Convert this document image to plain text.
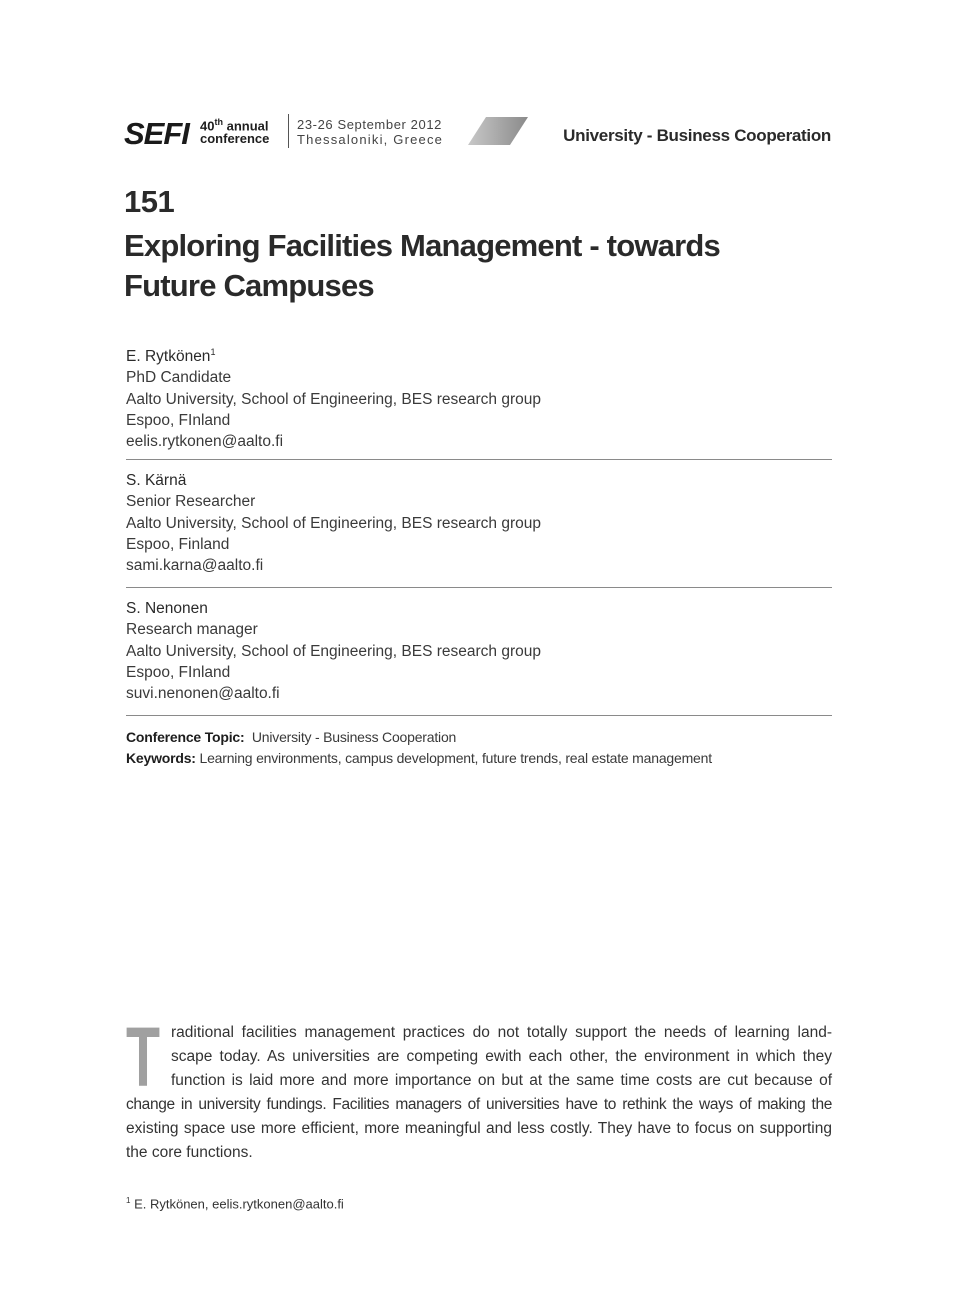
SEFI 40th annual
conference
23-26 September 2012
Thessaloniki, Greece	University - Business Cooperation
151
Exploring Facilities Management - towards
Future Campuses
E. Rytkönen$^1$
PhD Candidate
Aalto University, School of Engineering, BES research group
Espoo, FInland
eelis.rytkonen@aalto.fi
S. Kärnä
Senior Researcher
Aalto University, School of Engineering, BES research group
Espoo, Finland
sami.karna@aalto.fi
S. Nenonen
Research manager
Aalto University, School of Engineering, BES research group
Espoo, FInland
suvi.nenonen@aalto.fi
Conference Topic: University - Business Cooperation
Keywords: Learning environments, campus development, future trends, real estate management
T raditional facilities management practices do not totally support the needs of learning land-
scape today. As universities are competing ewith each other, the environment in which they
function is laid more and more importance on but at the same time costs are cut because of
change in university fundings. Facilities managers of universities have to rethink the ways of making the
existing space use more efficient, more meaningful and less costly. They have to focus on supporting
the core functions.
$^1$ E. Rytkönen, eelis.rytkonen@aalto.fi
